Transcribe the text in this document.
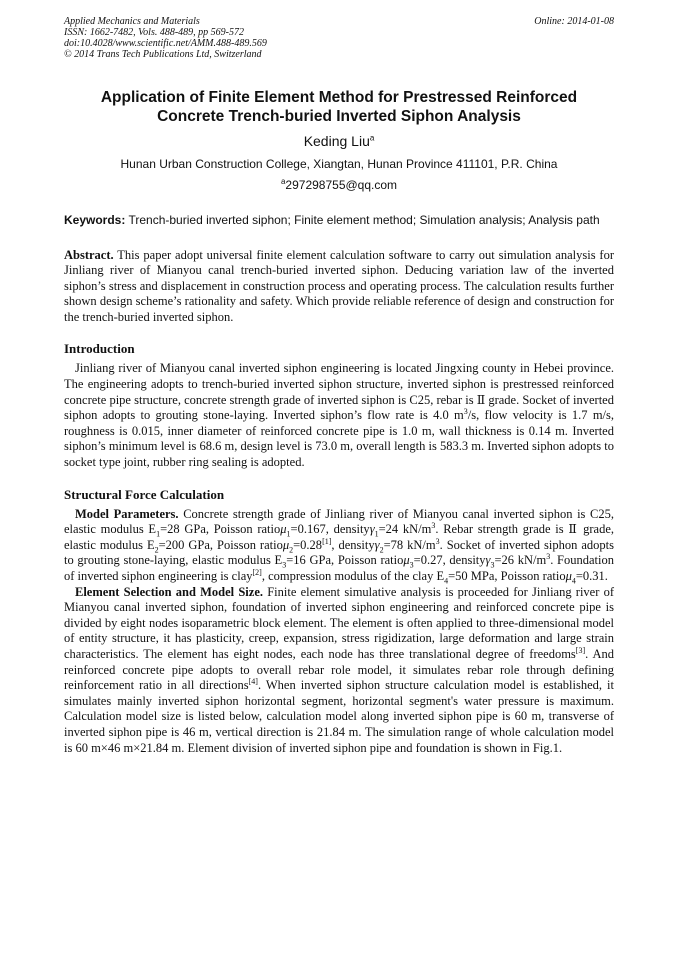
Applied Mechanics and Materials
ISSN: 1662-7482, Vols. 488-489, pp 569-572
doi:10.4028/www.scientific.net/AMM.488-489.569
© 2014 Trans Tech Publications Ltd, Switzerland
Online: 2014-01-08
Application of Finite Element Method for Prestressed Reinforced
Concrete Trench-buried Inverted Siphon Analysis
Keding Liu$^a$
Hunan Urban Construction College, Xiangtan, Hunan Province 411101, P.R. China
$^a$297298755@qq.com
Keywords: Trench-buried inverted siphon; Finite element method; Simulation analysis; Analysis path
Abstract. This paper adopt universal finite element calculation software to carry out simulation analysis for Jinliang river of Mianyou canal trench-buried inverted siphon. Deducing variation law of the inverted siphon’s stress and displacement in construction process and operating process. The calculation results further shown design scheme’s rationality and safety. Which provide reliable reference of design and construction for the trench-buried inverted siphon.
Introduction

Jinliang river of Mianyou canal inverted siphon engineering is located Jingxing county in Hebei province. The engineering adopts to trench-buried inverted siphon structure, inverted siphon is prestressed reinforced concrete pipe structure, concrete strength grade of inverted siphon is C25, rebar is Ⅱ grade. Socket of inverted siphon adopts to grouting stone-laying. Inverted siphon’s flow rate is 4.0 $m^3/s$, flow velocity is 1.7 m/s, roughness is 0.015, inner diameter of reinforced concrete pipe is 1.0 m, wall thickness is 0.14 m. Inverted siphon’s minimum level is 68.6 m, design level is 73.0 m, overall length is 583.3 m. Inverted siphon adopts to socket type joint, rubber ring sealing is adopted.

Structural Force Calculation

Model Parameters. Concrete strength grade of Jinliang river of Mianyou canal inverted siphon is C25, elastic modulus $E_1=28$ GPa, Poisson ratioμ$_1$=0.167, densityγ$_1$=24 $kN/m^3$. Rebar strength grade is Ⅱ grade, elastic modulus $E_2=200$ GPa, Poisson ratioμ$_2$=0.28[1], densityγ$_2$=78 $kN/m^3$. Socket of inverted siphon adopts to grouting stone-laying, elastic modulus $E_3=16$ GPa, Poisson ratioμ$_3$=0.27, densityγ$_3$=26 $kN/m^3$. Foundation of inverted siphon engineering is clay[2], compression modulus of the clay $E_4=50$ MPa, Poisson ratioμ$_4$=0.31.

Element Selection and Model Size. Finite element simulative analysis is proceeded for Jinliang river of Mianyou canal inverted siphon, foundation of inverted siphon engineering and reinforced concrete pipe is divided by eight nodes isoparametric block element. The element is often applied to three-dimensional model of entity structure, it has plasticity, creep, expansion, stress rigidization, large deformation and large strain characteristics. The element has eight nodes, each node has three translational degree of freedoms[3]. And reinforced concrete pipe adopts to overall rebar role model, it simulates rebar role through defining reinforcement ratio in all directions[4]. When inverted siphon structure calculation model is established, it simulates mainly inverted siphon horizontal segment, horizontal segment's water pressure is maximum. Calculation model size is listed below, calculation model along inverted siphon pipe is 60 m, transverse of inverted siphon pipe is 46 m, vertical direction is 21.84 m. The simulation range of whole calculation model is 60 m×46 m×21.84 m. Element division of inverted siphon pipe and foundation is shown in Fig.1.
